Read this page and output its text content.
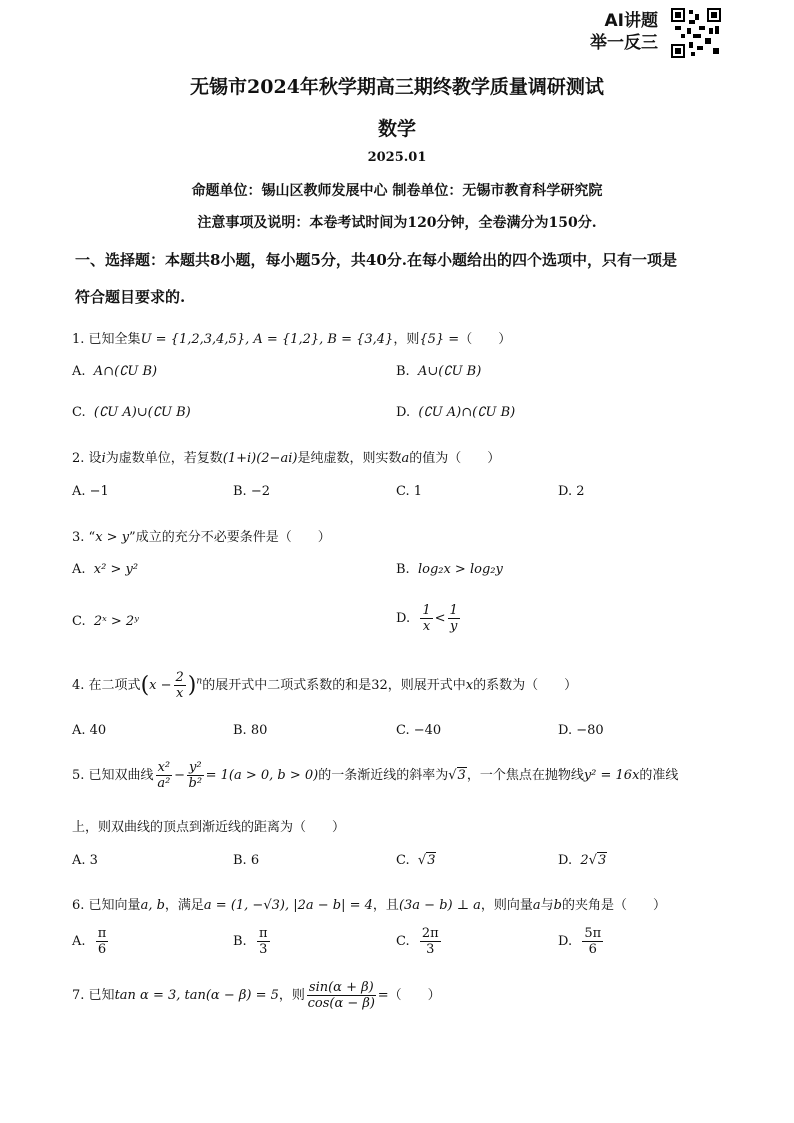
AI讲题
举一反三
无锡市2024年秋学期高三期终教学质量调研测试
数学
2025.01
命题单位：锡山区教师发展中心 制卷单位：无锡市教育科学研究院
注意事项及说明：本卷考试时间为120分钟，全卷满分为150分.
一、选择题：本题共8小题，每小题5分，共40分.在每小题给出的四个选项中，只有一项是
符合题目要求的.
1. 已知全集U = {1,2,3,4,5}, A = {1,2}, B = {3,4}，则{5} =（　　）
A. A∩(∁U B)	B. A∪(∁U B)
C. (∁U A)∪(∁U B)	D. (∁U A)∩(∁U B)
2. 设i为虚数单位，若复数(1+i)(2−ai)是纯虚数，则实数a的值为（　　）
A. −1	B. −2	C. 1	D. 2
3. “x > y”成立的充分不必要条件是（　　）
A. x² > y²	B. log₂x > log₂y
C. 2ˣ > 2ʸ	D. $\frac{1}{x} < \frac{1}{y}$
4. 在二项式$(x - \frac{2}{x} )^n$的展开式中二项式系数的和是32，则展开式中x的系数为（　　）
A. 40	B. 80	C. −40	D. −80
5. 已知双曲线 $\frac{\text{x²}}{\text{a²}} - \frac{\text{y²}}{\text{b²}} = 1(a > 0$, b > 0)的一条渐近线的斜率为√3，一个焦点在抛物线y² = 16x的准线
上，则双曲线的顶点到渐近线的距离为（　　）
A. 3	B. 6	C.  √3	D. 2√3
6. 已知向量a, b，满足a = (1, −√3), |2a − b| = 4，且(3a − b) ⊥ a，则向量a与b的夹角是（　　）
A. $\frac{\pi}{6}$	B. $\frac{\pi}{3}$	C. $\frac{2\pi}{3}$	D. $\frac{5\pi}{6}$
7. 已知tan α = 3, tan(α − β) = 5，则 $\frac{\sin(\alpha + \beta)}{\cos(\alpha - \beta)}$ =（　　）
